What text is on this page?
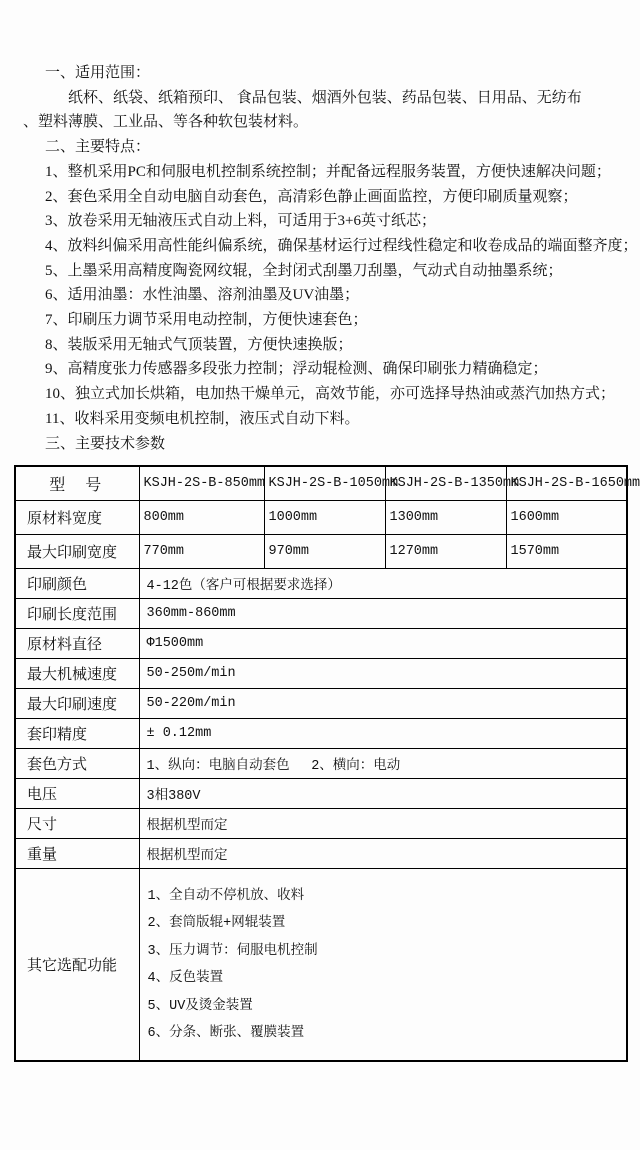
一、适用范围：
纸杯、纸袋、纸箱预印、 食品包装、烟酒外包装、药品包装、日用品、无纺布
、塑料薄膜、工业品、等各种软包装材料。
二、主要特点：
1、整机采用PC和伺服电机控制系统控制；并配备远程服务装置，方便快速解决问题；
2、套色采用全自动电脑自动套色，高清彩色静止画面监控，方便印刷质量观察；
3、放卷采用无轴液压式自动上料，可适用于3+6英寸纸芯；
4、放料纠偏采用高性能纠偏系统，确保基材运行过程线性稳定和收卷成品的端面整齐度；
5、上墨采用高精度陶瓷网纹辊，全封闭式刮墨刀刮墨，气动式自动抽墨系统；
6、适用油墨：水性油墨、溶剂油墨及UV油墨；
7、印刷压力调节采用电动控制，方便快速套色；
8、装版采用无轴式气顶装置，方便快速换版；
9、高精度张力传感器多段张力控制；浮动辊检测、确保印刷张力精确稳定；
10、独立式加长烘箱，电加热干燥单元，高效节能，亦可选择导热油或蒸汽加热方式；
11、收料采用变频电机控制，液压式自动下料。
三、主要技术参数
型　号	KSJH-2S-B-850mm	KSJH-2S-B-1050mm	KSJH-2S-B-1350mm	KSJH-2S-B-1650mm
原材料宽度	800mm	1000mm	1300mm	1600mm
最大印刷宽度	770mm	970mm	1270mm	1570mm
印刷颜色	4-12色（客户可根据要求选择）			
印刷长度范围	360mm-860mm			
原材料直径	Φ1500mm			
最大机械速度	50-250m/min			
最大印刷速度	50-220m/min			
套印精度	± 0.12mm			
套色方式	1、纵向：电脑自动套色　 2、横向：电动			
电压	3相380V			
尺寸	根据机型而定			
重量	根据机型而定			
其它选配功能	
1、全自动不停机放、收料
2、套筒版辊+网辊装置
3、压力调节：伺服电机控制
4、反色装置
5、UV及烫金装置
6、分条、断张、覆膜装置
